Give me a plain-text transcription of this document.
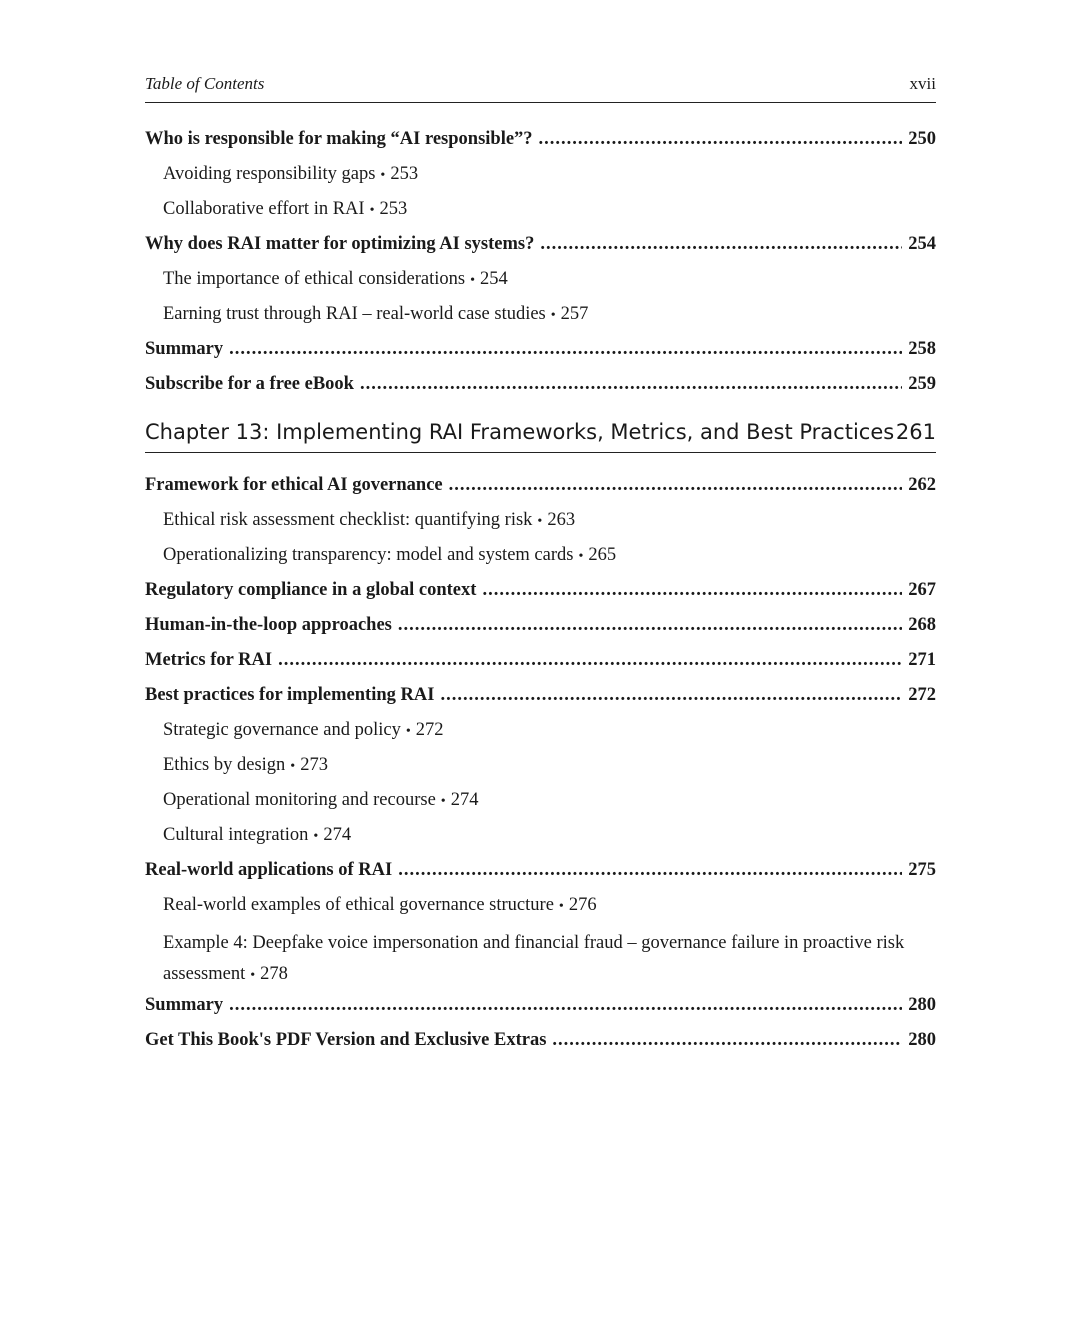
Table of Contents	xvii
Who is responsible for making “AI responsible”? .....	250
Avoiding responsibility gaps • 253
Collaborative effort in RAI • 253
Why does RAI matter for optimizing AI systems? .....	254
The importance of ethical considerations • 254
Earning trust through RAI – real-world case studies • 257
Summary .....	258
Subscribe for a free eBook .....	259
Chapter 13: Implementing RAI Frameworks, Metrics, and Best Practices 261
Framework for ethical AI governance .....	262
Ethical risk assessment checklist: quantifying risk • 263
Operationalizing transparency: model and system cards • 265
Regulatory compliance in a global context .....	267
Human-in-the-loop approaches .....	268
Metrics for RAI .....	271
Best practices for implementing RAI .....	272
Strategic governance and policy • 272
Ethics by design • 273
Operational monitoring and recourse • 274
Cultural integration • 274
Real-world applications of RAI .....	275
Real-world examples of ethical governance structure • 276
Example 4: Deepfake voice impersonation and financial fraud – governance failure in proactive risk assessment • 278
Summary .....	280
Get This Book's PDF Version and Exclusive Extras .....	280
